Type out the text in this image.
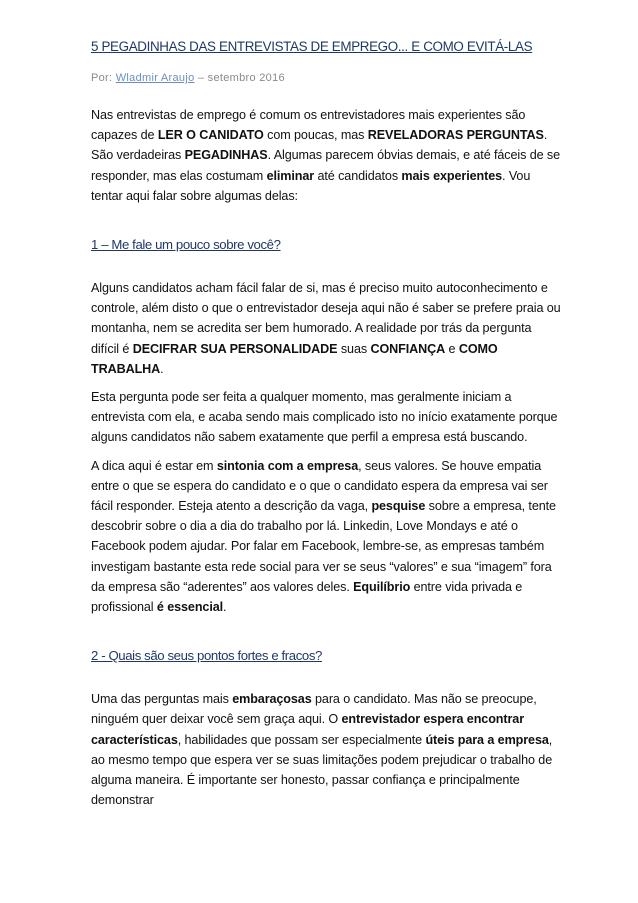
5 PEGADINHAS DAS ENTREVISTAS DE EMPREGO... E COMO EVITÁ-LAS
Por: Wladmir Araujo – setembro 2016

Nas entrevistas de emprego é comum os entrevistadores mais experientes são capazes de LER O CANIDATO com poucas, mas REVELADORAS PERGUNTAS. São verdadeiras PEGADINHAS. Algumas parecem óbvias demais, e até fáceis de se responder, mas elas costumam eliminar até candidatos mais experientes. Vou tentar aqui falar sobre algumas delas:

1 – Me fale um pouco sobre você?

Alguns candidatos acham fácil falar de si, mas é preciso muito autoconhecimento e controle, além disto o que o entrevistador deseja aqui não é saber se prefere praia ou montanha, nem se acredita ser bem humorado. A realidade por trás da pergunta difícil é DECIFRAR SUA PERSONALIDADE suas CONFIANÇA e COMO TRABALHA.

Esta pergunta pode ser feita a qualquer momento, mas geralmente iniciam a entrevista com ela, e acaba sendo mais complicado isto no início exatamente porque alguns candidatos não sabem exatamente que perfil a empresa está buscando.

A dica aqui é estar em sintonia com a empresa, seus valores. Se houve empatia entre o que se espera do candidato e o que o candidato espera da empresa vai ser fácil responder. Esteja atento a descrição da vaga, pesquise sobre a empresa, tente descobrir sobre o dia a dia do trabalho por lá. Linkedin, Love Mondays e até o Facebook podem ajudar. Por falar em Facebook, lembre-se, as empresas também investigam bastante esta rede social para ver se seus “valores” e sua “imagem” fora da empresa são “aderentes” aos valores deles. Equilíbrio entre vida privada e profissional é essencial.

2 - Quais são seus pontos fortes e fracos?

Uma das perguntas mais embaraçosas para o candidato. Mas não se preocupe, ninguém quer deixar você sem graça aqui. O entrevistador espera encontrar características, habilidades que possam ser especialmente úteis para a empresa, ao mesmo tempo que espera ver se suas limitações podem prejudicar o trabalho de alguma maneira. É importante ser honesto, passar confiança e principalmente demonstrar
